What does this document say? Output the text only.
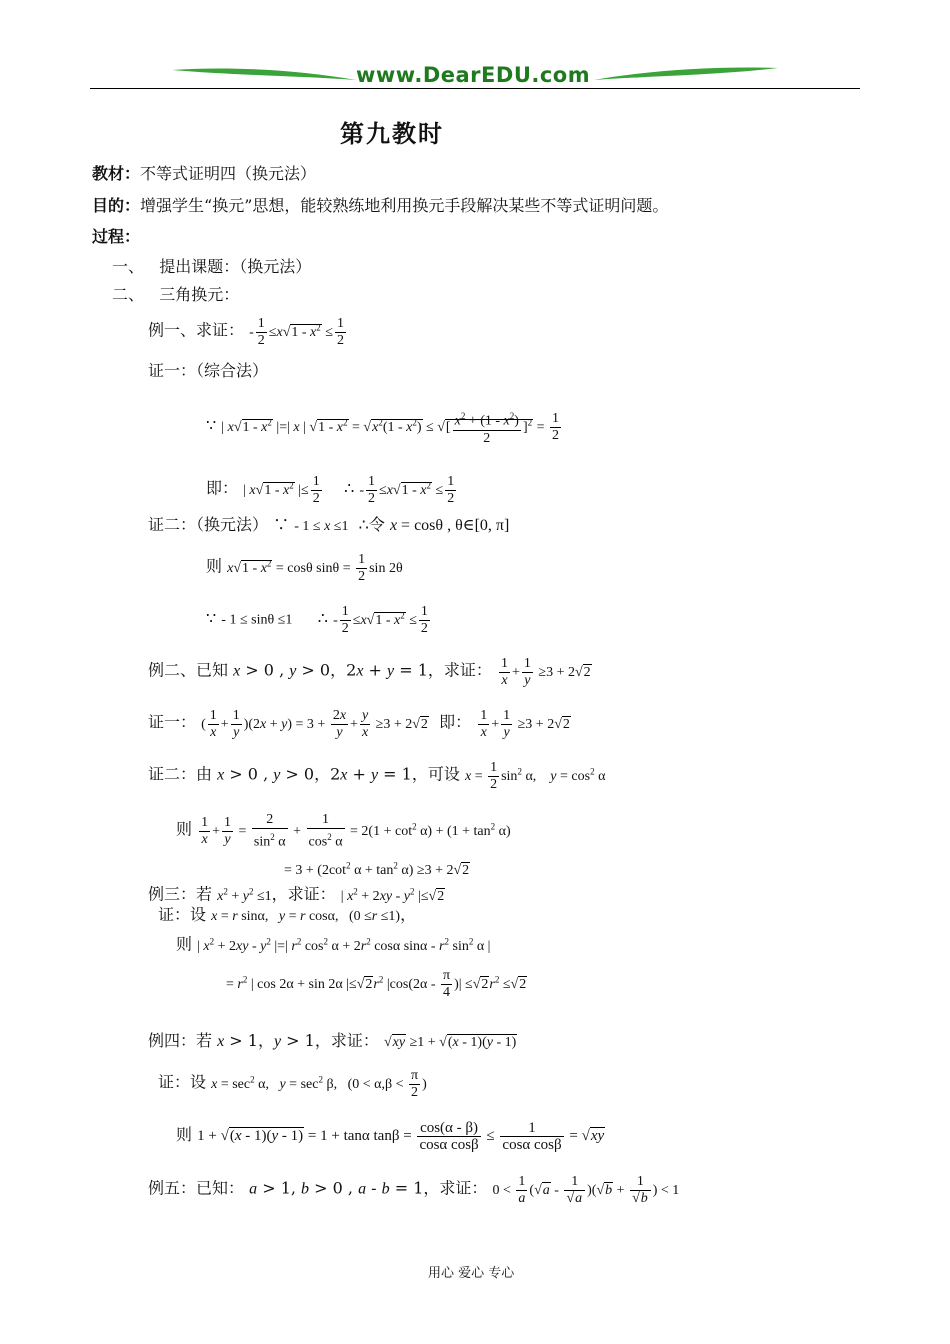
www.DearEDU.com
第九教时
教材：不等式证明四（换元法）
目的：增强学生“换元”思想，能较熟练地利用换元手段解决某些不等式证明问题。
过程：
一、 提出课题：（换元法）
二、 三角换元：
例一、求证： - $\frac{1}{2} \le x√1 - x^2 \le \frac{1}{2}$
证一：（综合法）
∵ | $x√1 - x^2$ |=| x | $√1 - x^2 = √x^2(1 - x^2)$ ≤ √[ $\frac{x^2 + (1 - x^2)}{2} ]^2 = \frac{1}{2}$
即： | $x√1 - x^2$ |≤ $\frac{1}{2}$ ∴ - $\frac{1}{2} \le x√1 - x^2 \le \frac{1}{2}$
证二：（换元法） ∵ - 1 ≤ x ≤1 ∴令 x = cosθ , θ∈[0, π]
则 $x√1 - x^2 = \cos\theta$ $\sin\theta = \frac{1}{2}$ sin 2θ
∵ - 1 ≤ sinθ ≤1 ∴ - $\frac{1}{2} \le x√1 - x^2 \le \frac{1}{2}$
例二、已知 x > 0 , y > 0，2x + y = 1，求证： $\frac{1}{x} + \frac{1}{y} \ge 3 + 2√2$
证一： ( $\frac{1}{x} + \frac{1}{y} )(2x + y) = 3 + \frac{2x}{y} + \frac{y}{x} \ge 3 + 2√2$ 即： $\frac{1}{x} + \frac{1}{y} \ge 3 + 2√2$
证二：由 x > 0 , y > 0，2x + y = 1，可设 $x = \frac{1}{2} \sin^2 \alpha$,    $y = \cos^2 \alpha$
则 $\frac{1}{x} + \frac{1}{y} = \frac{2}{\sin^2 \alpha} + \frac{1}{\cos^2 \alpha} = 2(1 + \cot^2 \alpha) + (1 + \tan^2 \alpha)$
= $3 + (2\cot^2$ $\alpha + \tan^2 \alpha) \ge 3 + 2√2$
例三：若 $x^2 + y^2 \le 1$，求证： | $x^2 + 2xy - y^2$ |≤√2
证：设 x = r sinα,   y = r cosα,   (0 ≤r ≤1)，
则 | $x^2 + 2xy - y^2$ |=| $r^2$ $\cos^2 \alpha + 2r^2$ cosα sinα - $r^2$ $\sin^2 \alpha$ |
= $r^2$ | cos 2α + sin 2α $|\le√2r^2$ $|\cos(2\alpha - \frac{\pi}{4}$ )| $\le√2r^2 \le√2$
例四：若 x > 1，y > 1，求证： √xy ≥1 + √(x - 1)(y - 1)
证：设 $x = \sec^2 \alpha$,   $y = \sec^2 \beta$,   ($0 < \alpha,\beta < \frac{\pi}{2}$ )
则 1 + √(x - 1)(y - 1) = 1 + tanα $\tan\beta = \frac{\cos(\alpha - \beta)}{\text{cosα cosβ}} \le \frac{1}{\text{cosα cosβ}} = √xy$
例五：已知： a > 1, b > 0 , a - b = 1，求证： $0 < \frac{1}{a} (√a - \frac{1}{√a} )(√b + \frac{1}{√b}$ ) < 1
用心 爱心 专心
